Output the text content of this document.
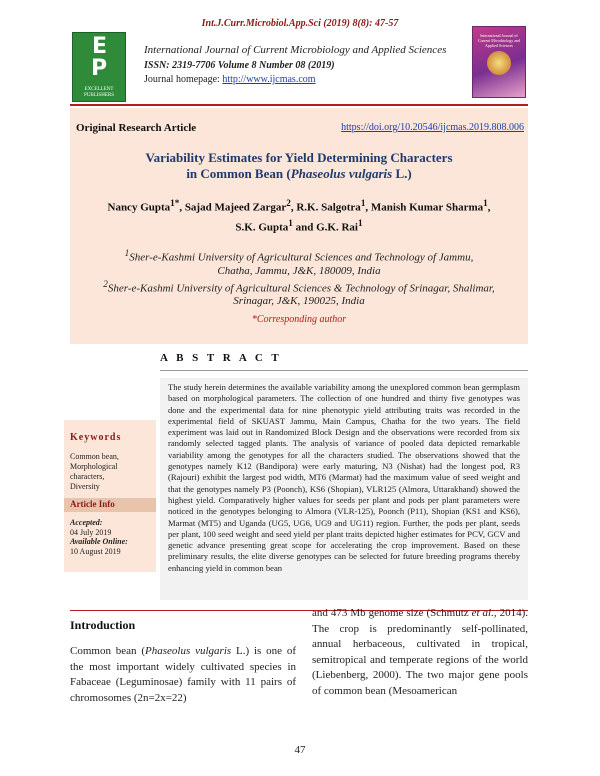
Int.J.Curr.Microbiol.App.Sci (2019) 8(8): 47-57
E
P
EXCELLENT PUBLISHERS
International Journal of Current Microbiology and Applied Sciences
ISSN: 2319-7706 Volume 8 Number 08 (2019)
Journal homepage: http://www.ijcmas.com
International Journal of Current Microbiology and Applied Sciences
Original Research Article	https://doi.org/10.20546/ijcmas.2019.808.006
Variability Estimates for Yield Determining Characters
in Common Bean (Phaseolus vulgaris L.)
Nancy Gupta$^{1*}$, Sajad Majeed Zargar$^2$, R.K. Salgotra$^1$, Manish Kumar Sharma$^1$,
S.K. Gupta$^1$ and G.K. Rai$^1$
$^1$Sher-e-Kashmi University of Agricultural Sciences and Technology of Jammu,
Chatha, Jammu, J&K, 180009, India
$^2$Sher-e-Kashmi University of Agricultural Sciences & Technology of Srinagar, Shalimar,
Srinagar, J&K, 190025, India
*Corresponding author
A B S T R A C T
The study herein determines the available variability among the unexplored common bean germplasm based on morphological parameters. The collection of one hundred and thirty five genotypes was done and the experimental data for nine phenotypic yield attributing traits was recorded in the experimental field of SKUAST Jammu, Main Campus, Chatha for the two years. The field experiment was laid out in Randomized Block Design and the observations were recorded from six randomly selected tagged plants. The analysis of variance of pooled data depicted remarkable variability among the genotypes for all the characters studied. The observations showed that the genotypes namely K12 (Bandipora) were early maturing, N3 (Nishat) had the longest pod, R3 (Rajouri) exhibit the largest pod width, MT6 (Marmat) had the maximum value of seed weight and that the genotypes namely P3 (Poonch), KS6 (Shopian), VLR125 (Almora, Uttarakhand) showed the highest yield. Comparatively higher values for seeds per plant and pods per plant parameters were noticed in the genotypes belonging to Almora (VLR-125), Poonch (P11), Shopian (KS1 and KS6), Marmat (MT5) and Uganda (UG5, UG6, UG9 and UG11) region. Further, the pods per plant, seeds per plant, 100 seed weight and seed yield per plant traits depicted higher estimates for PCV, GCV and genetic advance presenting great scope for accelerating the crop improvement. Based on these preliminary results, the elite diverse genotypes can be selected for future breeding programs thereby enhancing yield in common bean
Keywords
Common bean,
Morphological
characters,
Diversity
Article Info
Accepted:
04 July 2019
Available Online:
10 August 2019
Introduction
Common bean (Phaseolus vulgaris L.) is one of the most important widely cultivated species in Fabaceae (Leguminosae) family with 11 pairs of chromosomes (2n=2x=22)
and 473 Mb genome size (Schmutz et al., 2014). The crop is predominantly self-pollinated, annual herbaceous, cultivated in tropical, semitropical and temperate regions of the world (Liebenberg, 2000). The two major gene pools of common bean (Mesoamerican
47
